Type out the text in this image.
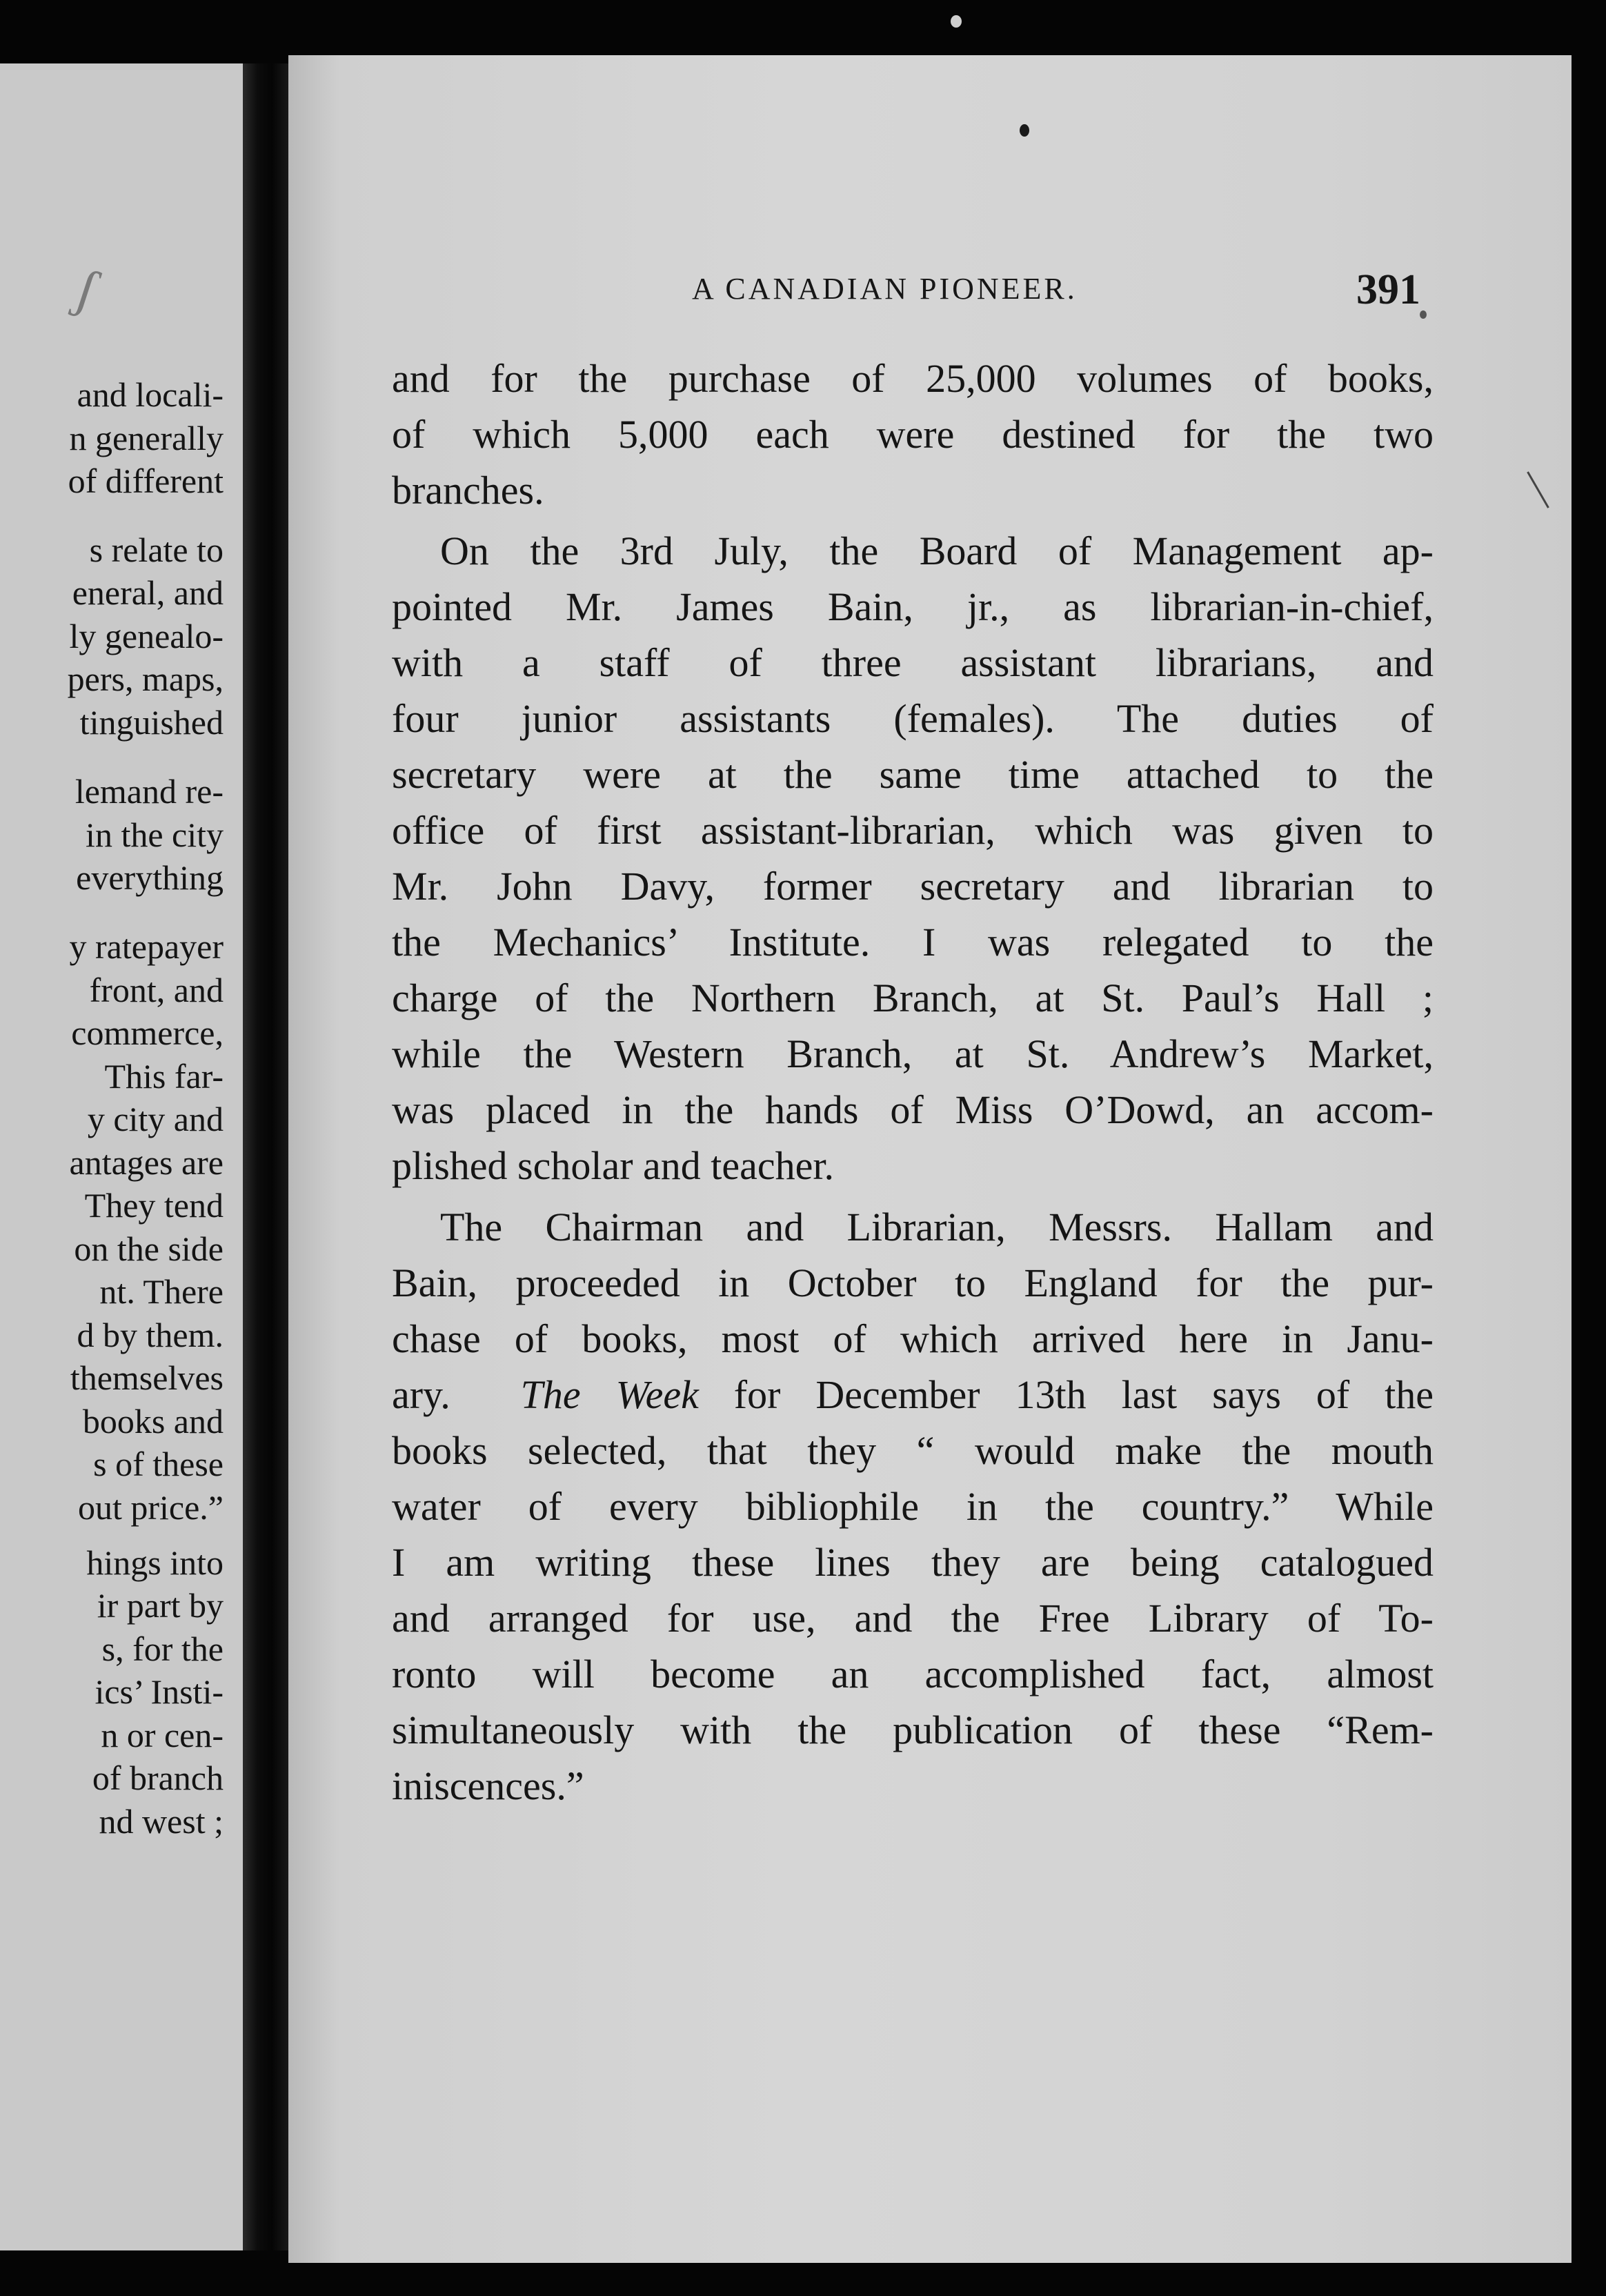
ʃ
and locali-
n generally
of different
s relate to
eneral, and
ly genealo-
pers, maps,
tinguished
lemand re-
in the city
everything
y ratepayer
front, and
commerce,
This far-
y city and
antages are
They tend
on the side
nt. There
d by them.
themselves
books and
s of these
out price.”
hings into
ir part by
s, for the
ics’ Insti-
n or cen-
of branch
nd west ;
A CANADIAN PIONEER.	391
and for the purchase of 25,000 volumes of books,
of which 5,000 each were destined for the two
branches.
On the 3rd July, the Board of Management ap-
pointed Mr. James Bain, jr., as librarian-in-chief,
with a staff of three assistant librarians, and
four junior assistants (females). The duties of
secretary were at the same time attached to the
office of first assistant-librarian, which was given to
Mr. John Davy, former secretary and librarian to
the Mechanics’ Institute. I was relegated to the
charge of the Northern Branch, at St. Paul’s Hall ;
while the Western Branch, at St. Andrew’s Market,
was placed in the hands of Miss O’Dowd, an accom-
plished scholar and teacher.
The Chairman and Librarian, Messrs. Hallam and
Bain, proceeded in October to England for the pur-
chase of books, most of which arrived here in Janu-
ary.  The Week for December 13th last says of the
books selected, that they “ would make the mouth
water of every bibliophile in the country.” While
I am writing these lines they are being catalogued
and arranged for use, and the Free Library of To-
ronto will become an accomplished fact, almost
simultaneously with the publication of these “Rem-
iniscences.”
